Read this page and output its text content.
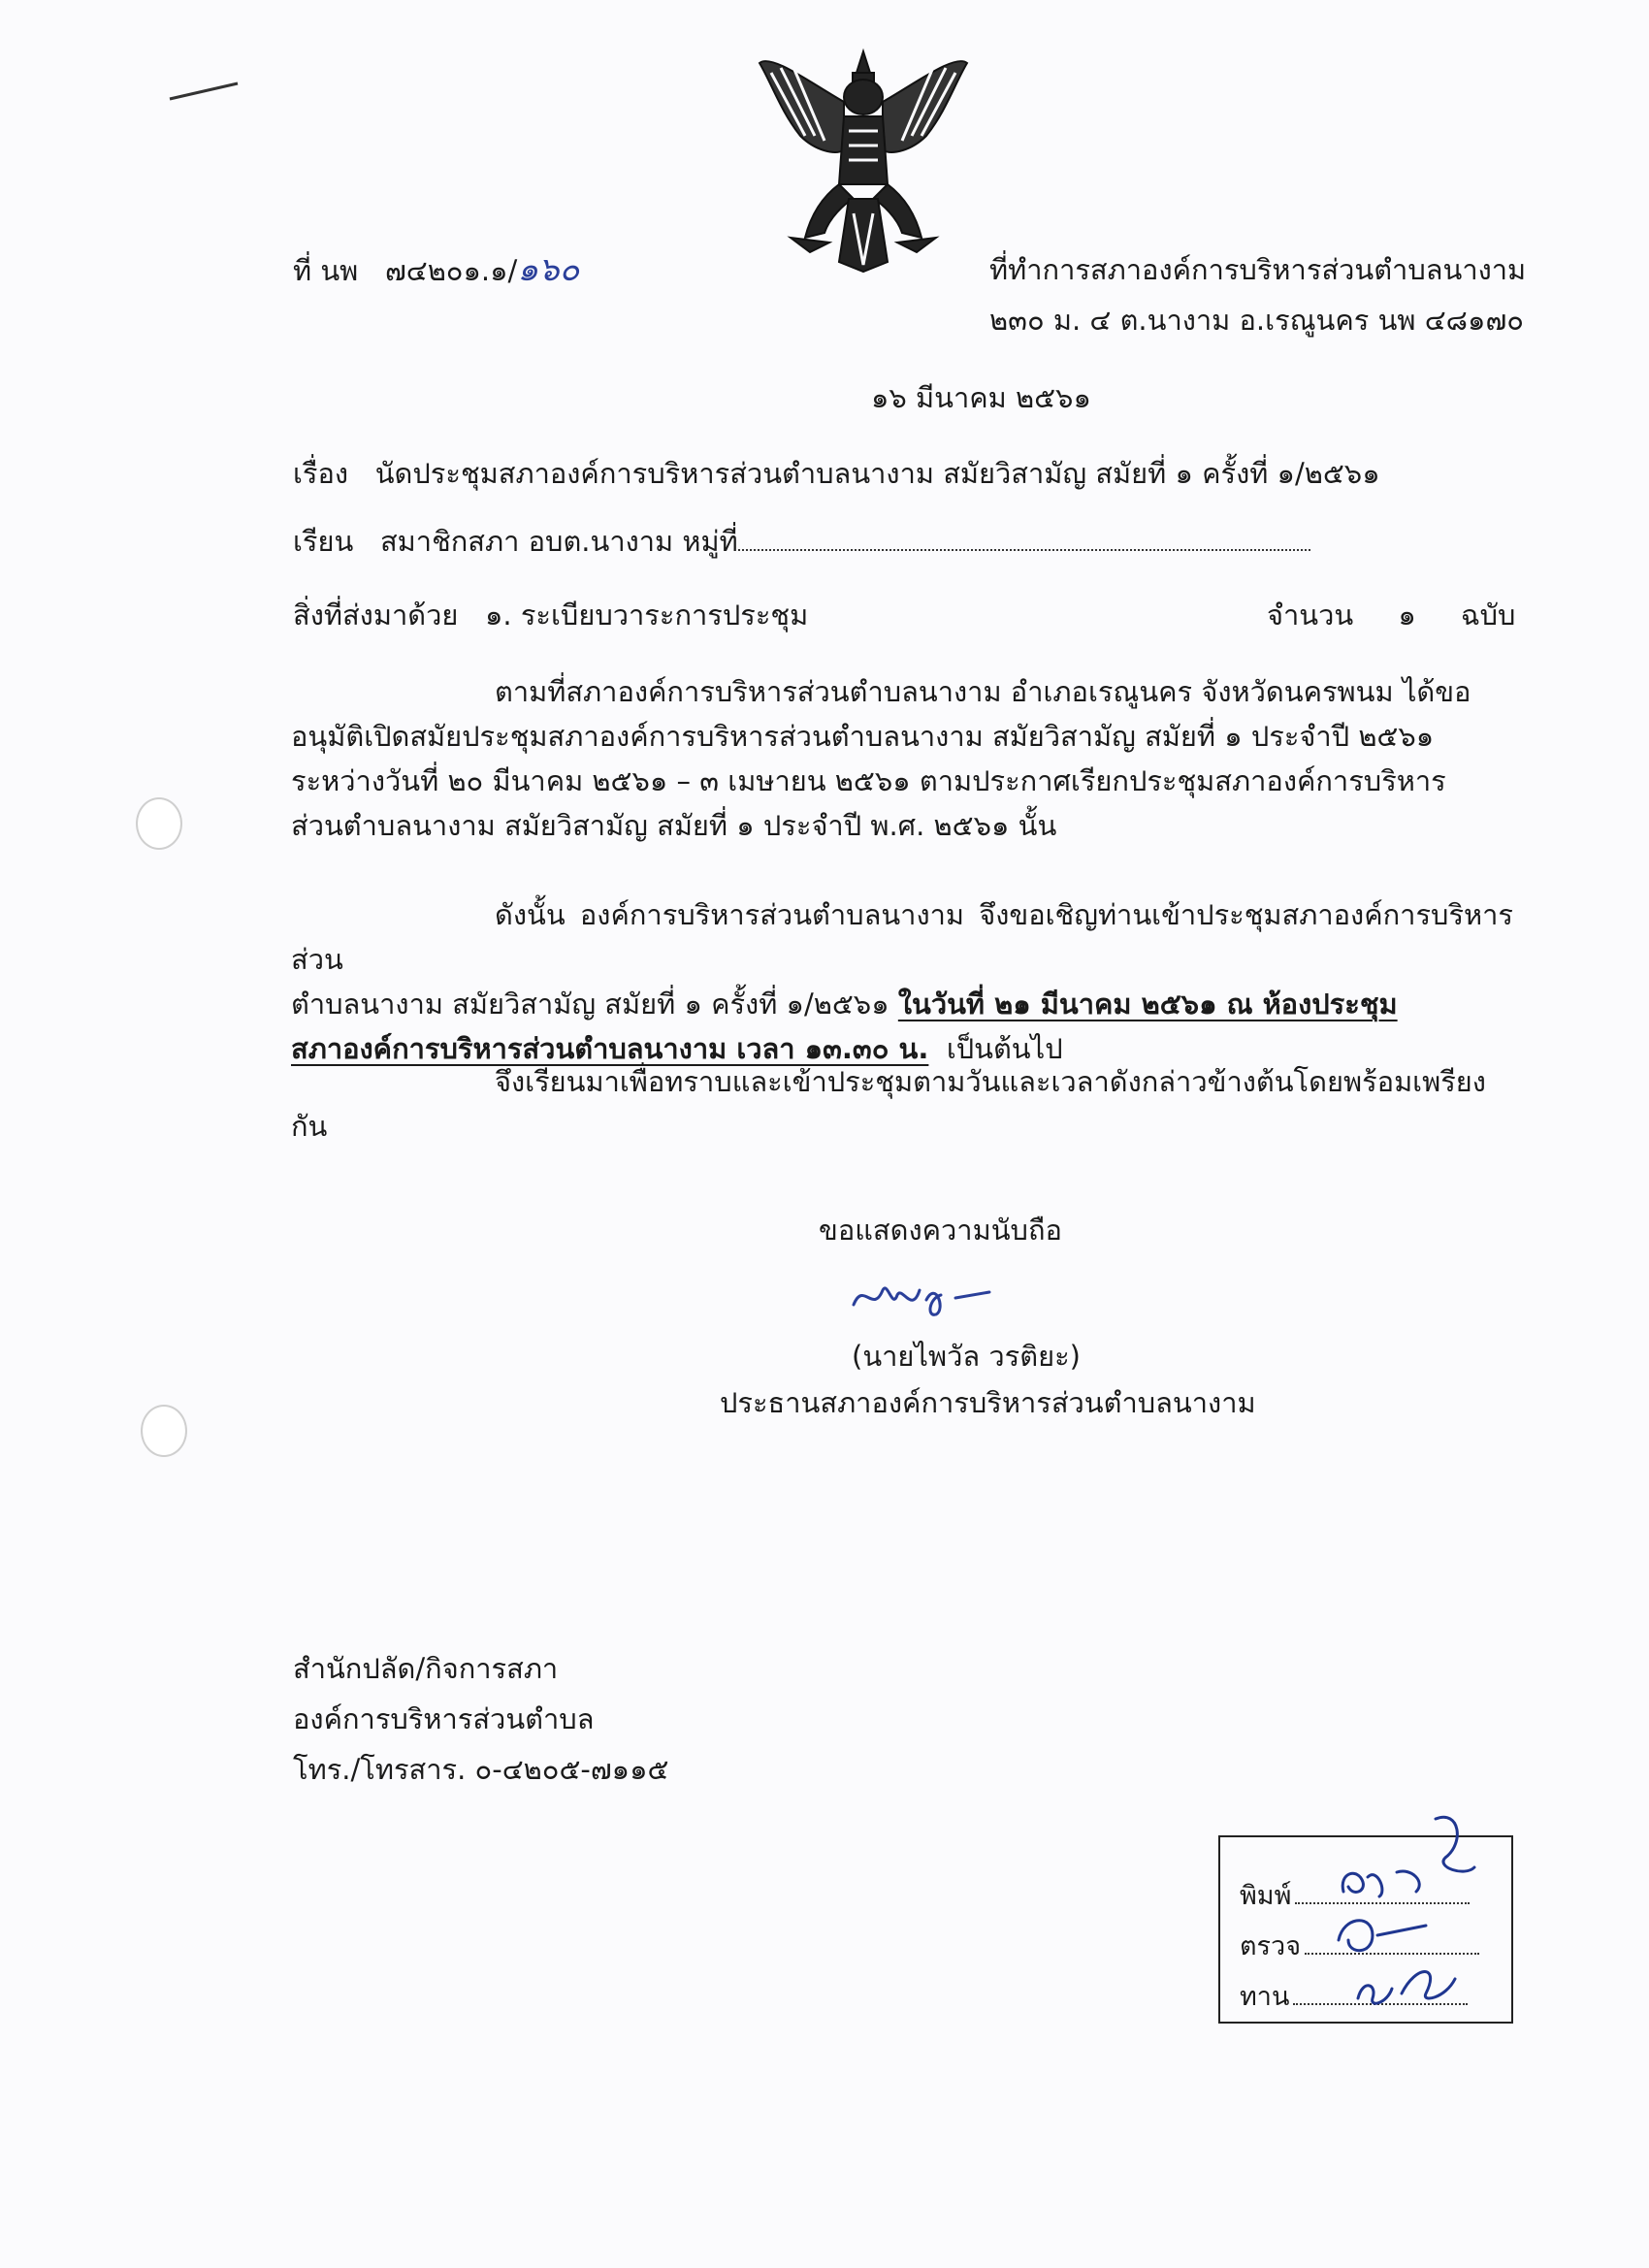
ที่ นพ ๗๔๒๐๑.๑/๑๖๐	ที่ทำการสภาองค์การบริหารส่วนตำบลนางาม
๒๓๐ ม. ๔ ต.นางาม อ.เรณูนคร นพ ๔๘๑๗๐
๑๖ มีนาคม ๒๕๖๑
เรื่อง นัดประชุมสภาองค์การบริหารส่วนตำบลนางาม สมัยวิสามัญ สมัยที่ ๑ ครั้งที่ ๑/๒๕๖๑
เรียน สมาชิกสภา อบต.นางาม หมู่ที่
สิ่งที่ส่งมาด้วย ๑. ระเบียบวาระการประชุม	จำนวน ๑ ฉบับ
ตามที่สภาองค์การบริหารส่วนตำบลนางาม อำเภอเรณูนคร จังหวัดนครพนม ได้ขอ
อนุมัติเปิดสมัยประชุมสภาองค์การบริหารส่วนตำบลนางาม สมัยวิสามัญ สมัยที่ ๑ ประจำปี ๒๕๖๑
ระหว่างวันที่ ๒๐ มีนาคม ๒๕๖๑ – ๓ เมษายน ๒๕๖๑ ตามประกาศเรียกประชุมสภาองค์การบริหาร
ส่วนตำบลนางาม สมัยวิสามัญ สมัยที่ ๑ ประจำปี พ.ศ. ๒๕๖๑ นั้น
ดังนั้น องค์การบริหารส่วนตำบลนางาม จึงขอเชิญท่านเข้าประชุมสภาองค์การบริหารส่วน
ตำบลนางาม สมัยวิสามัญ สมัยที่ ๑ ครั้งที่ ๑/๒๕๖๑ ในวันที่ ๒๑ มีนาคม ๒๕๖๑ ณ ห้องประชุม
สภาองค์การบริหารส่วนตำบลนางาม เวลา ๑๓.๓๐ น. เป็นต้นไป
จึงเรียนมาเพื่อทราบและเข้าประชุมตามวันและเวลาดังกล่าวข้างต้นโดยพร้อมเพรียงกัน
ขอแสดงความนับถือ
(นายไพวัล วรติยะ)
ประธานสภาองค์การบริหารส่วนตำบลนางาม
สำนักปลัด/กิจการสภา
องค์การบริหารส่วนตำบล
โทร./โทรสาร. ๐-๔๒๐๕-๗๑๑๕
พิมพ์
ตรวจ
ทาน
